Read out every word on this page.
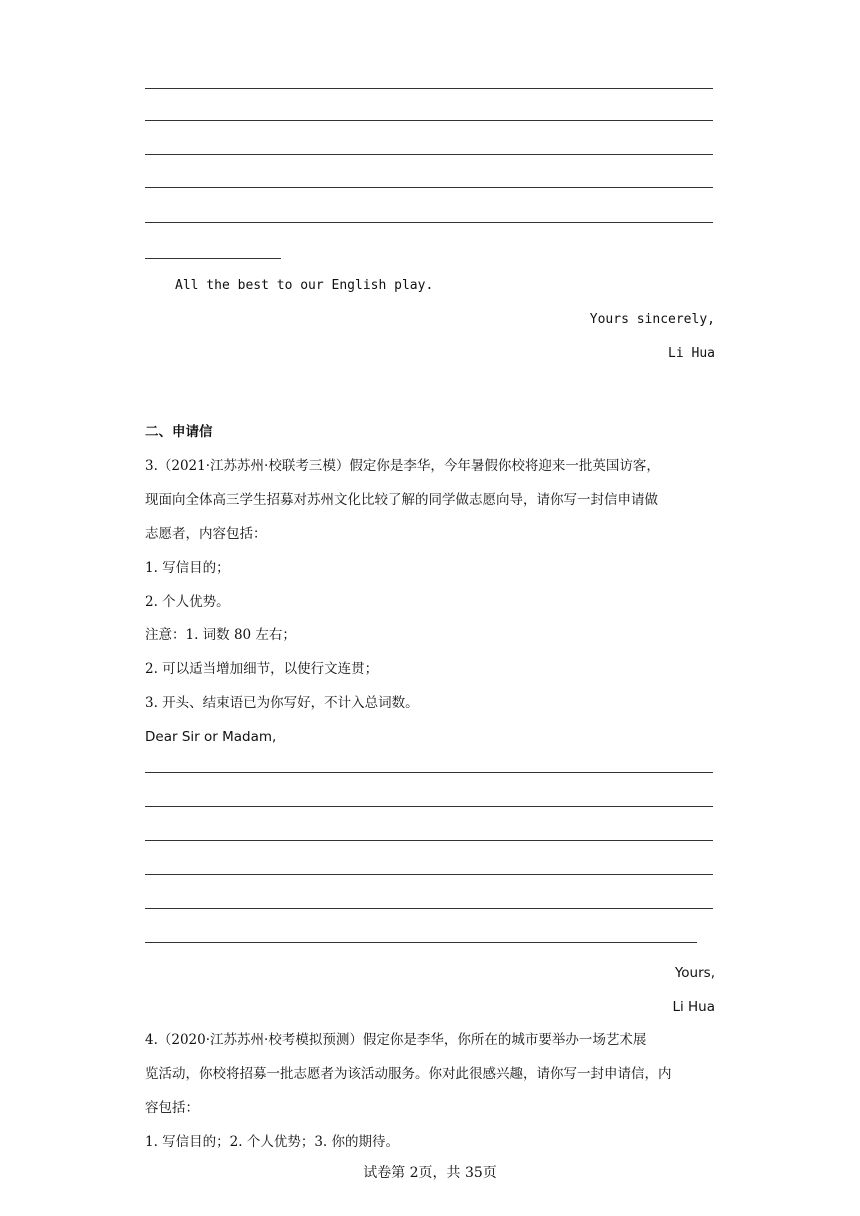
All the best to our English play.
Yours sincerely,
Li Hua
二、申请信
3.（2021·江苏苏州·校联考三模）假定你是李华，今年暑假你校将迎来一批英国访客，
现面向全体高三学生招募对苏州文化比较了解的同学做志愿向导，请你写一封信申请做
志愿者，内容包括：
1. 写信目的；
2. 个人优势。
注意：1. 词数 80 左右；
2. 可以适当增加细节，以使行文连贯；
3. 开头、结束语已为你写好，不计入总词数。
Dear Sir or Madam,
Yours,
Li Hua
4.（2020·江苏苏州·校考模拟预测）假定你是李华，你所在的城市要举办一场艺术展
览活动，你校将招募一批志愿者为该活动服务。你对此很感兴趣，请你写一封申请信，内
容包括：
1. 写信目的；2. 个人优势；3. 你的期待。
试卷第 2页，共 35页
